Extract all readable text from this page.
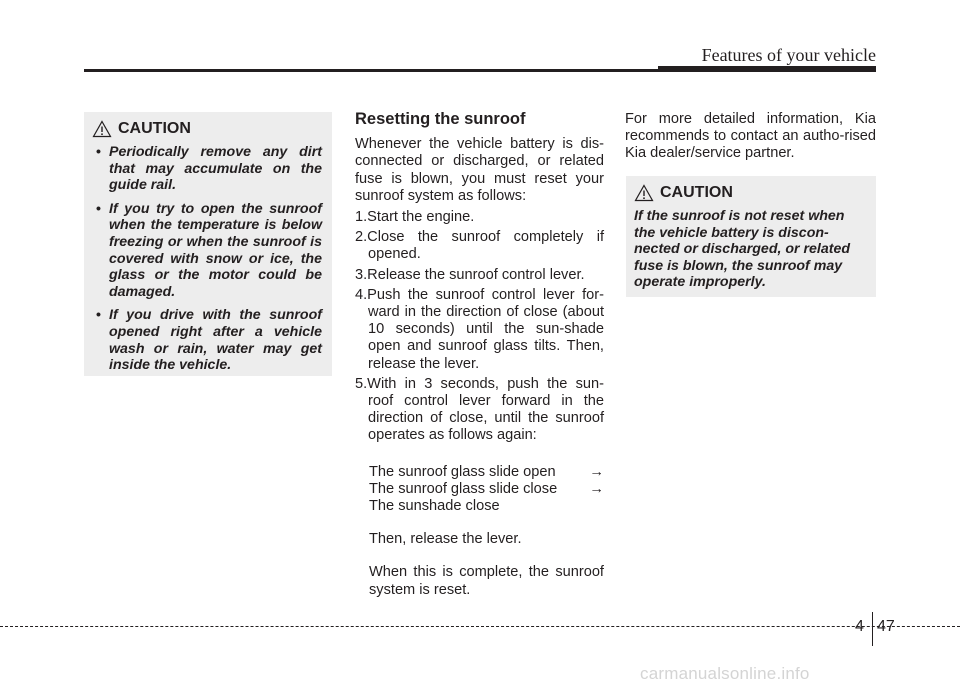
Features of your vehicle
CAUTION
• Periodically remove any dirt that may accumulate on the guide rail.
• If you try to open the sunroof when the temperature is below freezing or when the sunroof is covered with snow or ice, the glass or the motor could be damaged.
• If you drive with the sunroof opened right after a vehicle wash or rain, water may get inside the vehicle.
Resetting the sunroof

Whenever the vehicle battery is dis-connected or discharged, or related fuse is blown, you must reset your sunroof system as follows:

1.Start the engine.
2.Close the sunroof completely if opened.
3.Release the sunroof control lever.
4.Push the sunroof control lever for-ward in the direction of close (about 10 seconds) until the sun-shade open and sunroof glass tilts. Then, release the lever.
5.With in 3 seconds, push the sun-roof control lever forward in the direction of close, until the sunroof operates as follows again:
The sunroof glass slide open →
The sunroof glass slide close →
The sunshade close

Then, release the lever.

When this is complete, the sunroof system is reset.

For more detailed information, Kia recommends to contact an autho-rised Kia dealer/service partner.

CAUTION
If the sunroof is not reset when the vehicle battery is discon-nected or discharged, or related fuse is blown, the sunroof may operate improperly.
4 47
carmanualsonline.info
